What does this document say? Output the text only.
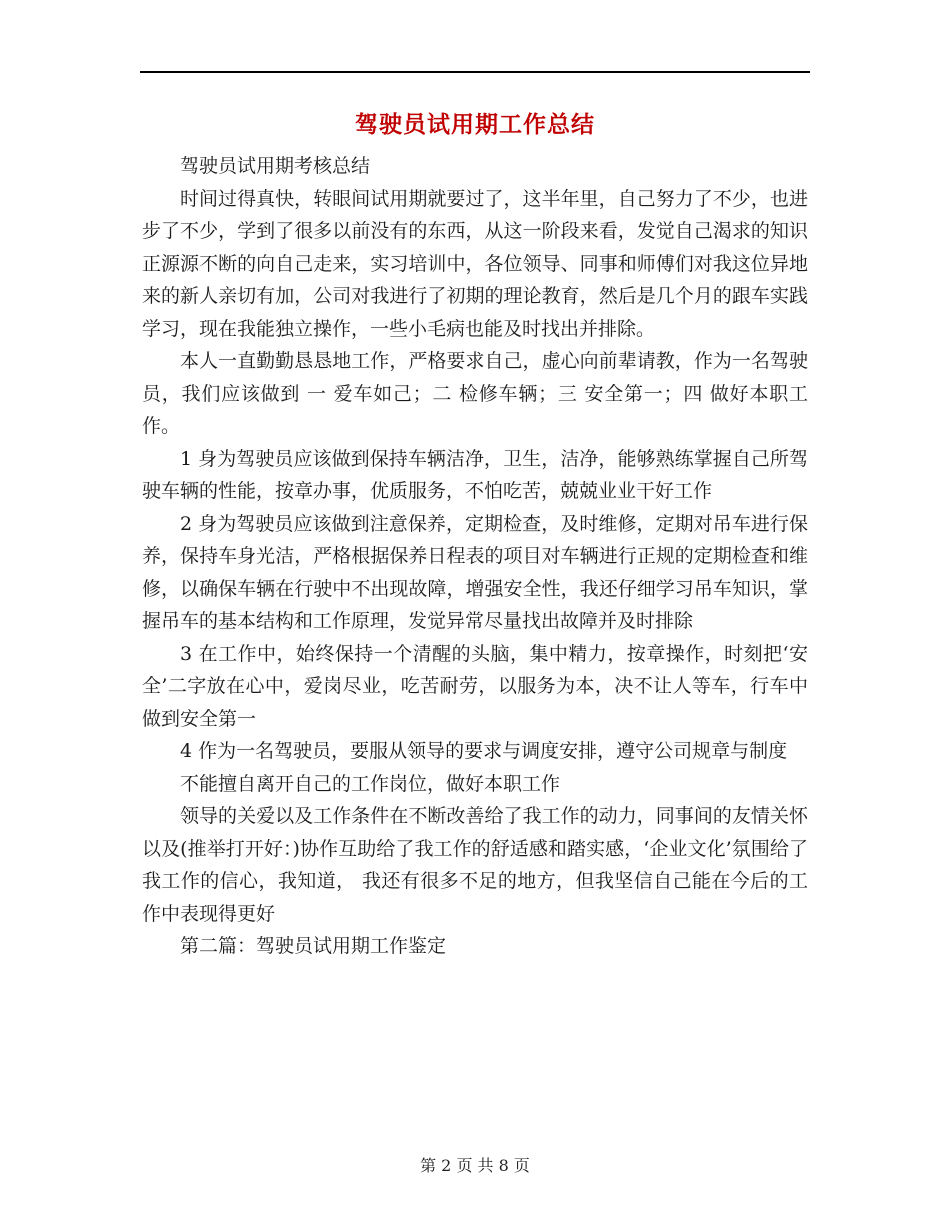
驾驶员试用期工作总结

驾驶员试用期考核总结

时间过得真快，转眼间试用期就要过了，这半年里，自己努力了不少，也进步了不少，学到了很多以前没有的东西，从这一阶段来看，发觉自己渴求的知识正源源不断的向自己走来，实习培训中，各位领导、同事和师傅们对我这位异地来的新人亲切有加，公司对我进行了初期的理论教育，然后是几个月的跟车实践学习，现在我能独立操作，一些小毛病也能及时找出并排除。

本人一直勤勤恳恳地工作，严格要求自己，虚心向前辈请教，作为一名驾驶员，我们应该做到 一 爱车如己；二 检修车辆；三 安全第一；四 做好本职工作。

1 身为驾驶员应该做到保持车辆洁净，卫生，洁净，能够熟练掌握自己所驾驶车辆的性能，按章办事，优质服务，不怕吃苦，兢兢业业干好工作

2 身为驾驶员应该做到注意保养，定期检查，及时维修，定期对吊车进行保养，保持车身光洁，严格根据保养日程表的项目对车辆进行正规的定期检查和维修，以确保车辆在行驶中不出现故障，增强安全性，我还仔细学习吊车知识，掌握吊车的基本结构和工作原理，发觉异常尽量找出故障并及时排除

3 在工作中，始终保持一个清醒的头脑，集中精力，按章操作，时刻把‘安全’二字放在心中，爱岗尽业，吃苦耐劳，以服务为本，决不让人等车，行车中做到安全第一

4 作为一名驾驶员，要服从领导的要求与调度安排，遵守公司规章与制度

不能擅自离开自己的工作岗位，做好本职工作

领导的关爱以及工作条件在不断改善给了我工作的动力，同事间的友情关怀以及(推举打开好：)协作互助给了我工作的舒适感和踏实感，‘企业文化’氛围给了我工作的信心，我知道， 我还有很多不足的地方，但我坚信自己能在今后的工作中表现得更好

第二篇：驾驶员试用期工作鉴定

第 2 页 共 8 页
